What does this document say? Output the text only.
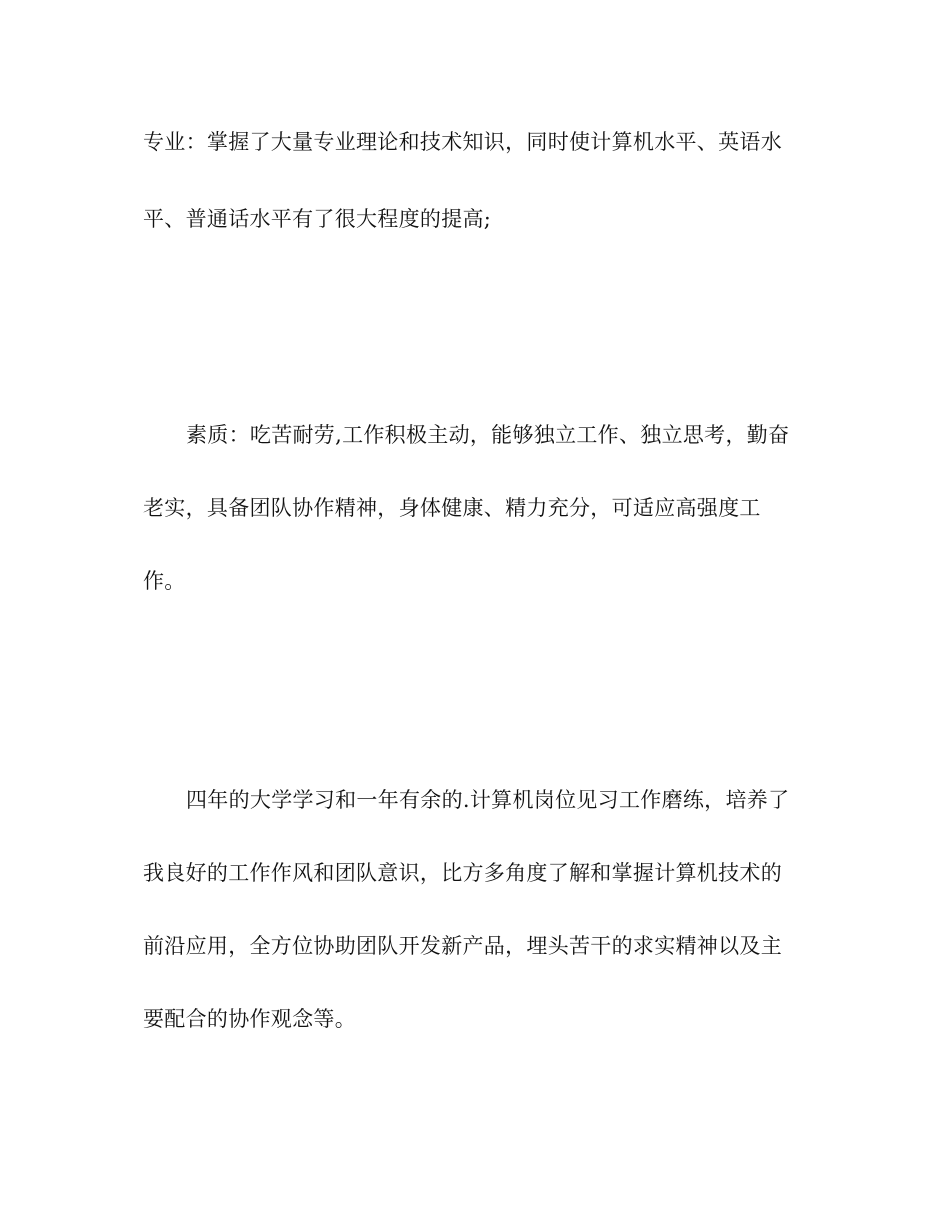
专业：掌握了大量专业理论和技术知识，同时使计算机水平、英语水
平、普通话水平有了很大程度的提高;
素质：吃苦耐劳,工作积极主动，能够独立工作、独立思考，勤奋
老实，具备团队协作精神，身体健康、精力充分，可适应高强度工
作。
四年的大学学习和一年有余的.计算机岗位见习工作磨练，培养了
我良好的工作作风和团队意识，比方多角度了解和掌握计算机技术的
前沿应用，全方位协助团队开发新产品，埋头苦干的求实精神以及主
要配合的协作观念等。
